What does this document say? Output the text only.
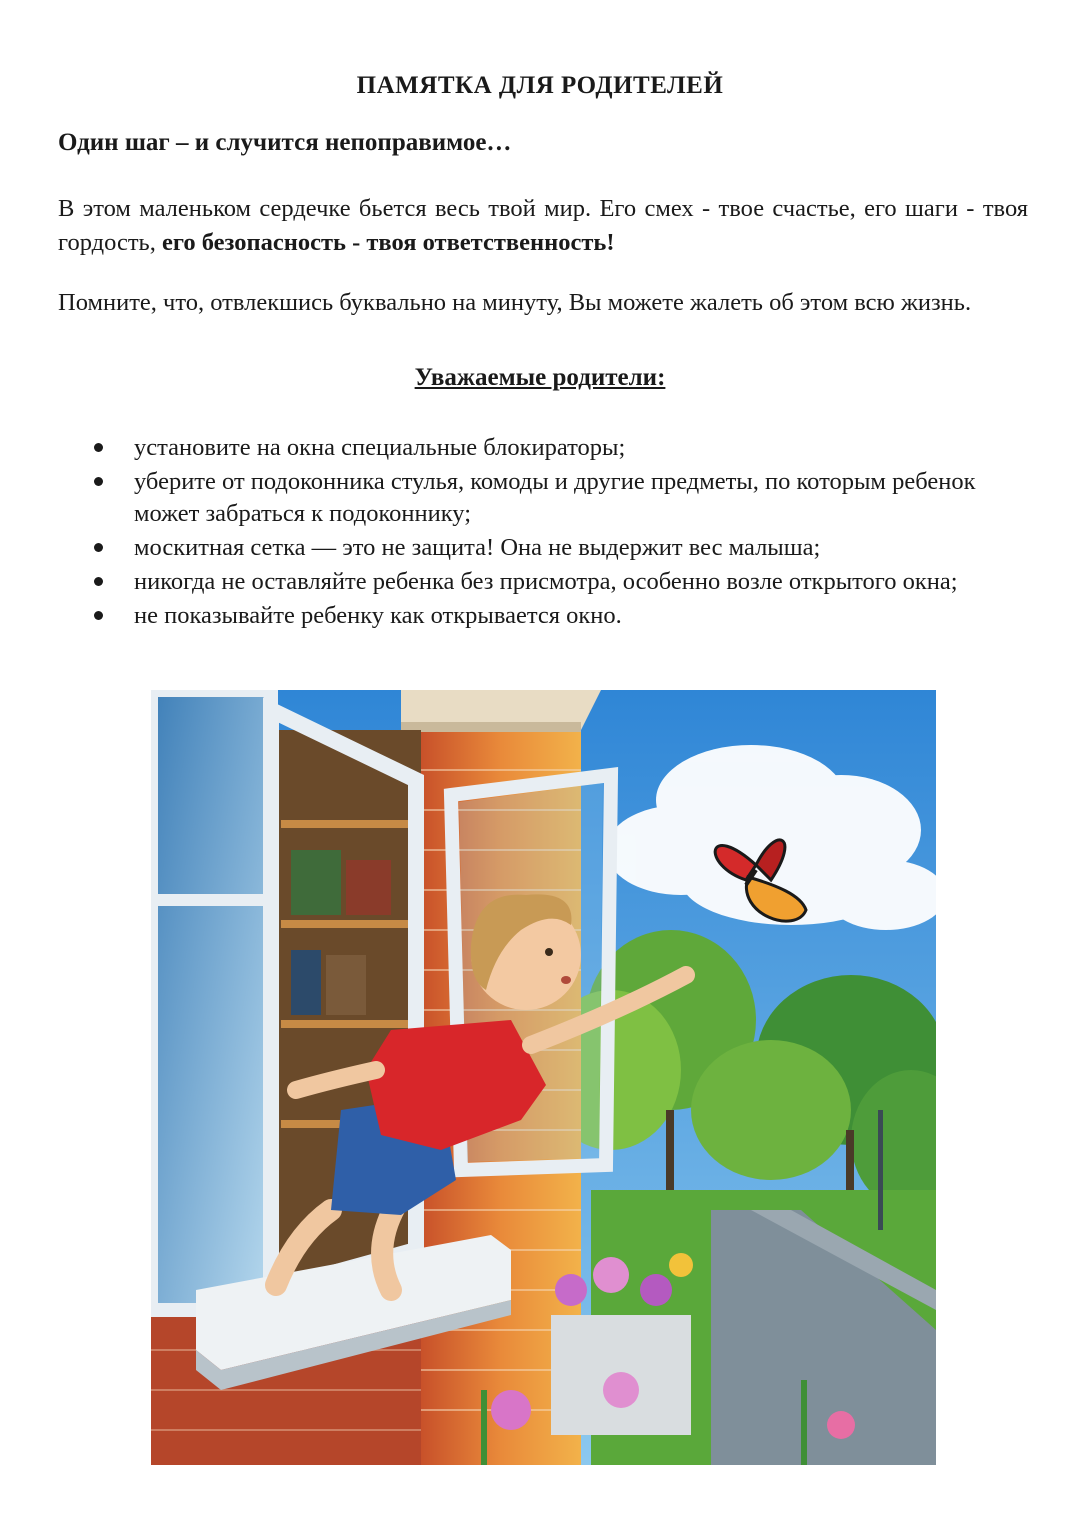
ПАМЯТКА ДЛЯ РОДИТЕЛЕЙ
Один шаг – и случится непоправимое…
В этом маленьком сердечке бьется весь твой мир. Его смех - твое счастье, его шаги - твоя гордость, его безопасность - твоя ответственность!
Помните, что, отвлекшись буквально на минуту, Вы можете жалеть об этом всю жизнь.
Уважаемые родители:
установите на окна специальные блокираторы;
уберите от подоконника стулья, комоды и другие предметы, по которым ребенок может забраться к подоконнику;
москитная сетка — это не защита! Она не выдержит вес малыша;
никогда не оставляйте ребенка без присмотра, особенно возле открытого окна;
не показывайте ребенку как открывается окно.
